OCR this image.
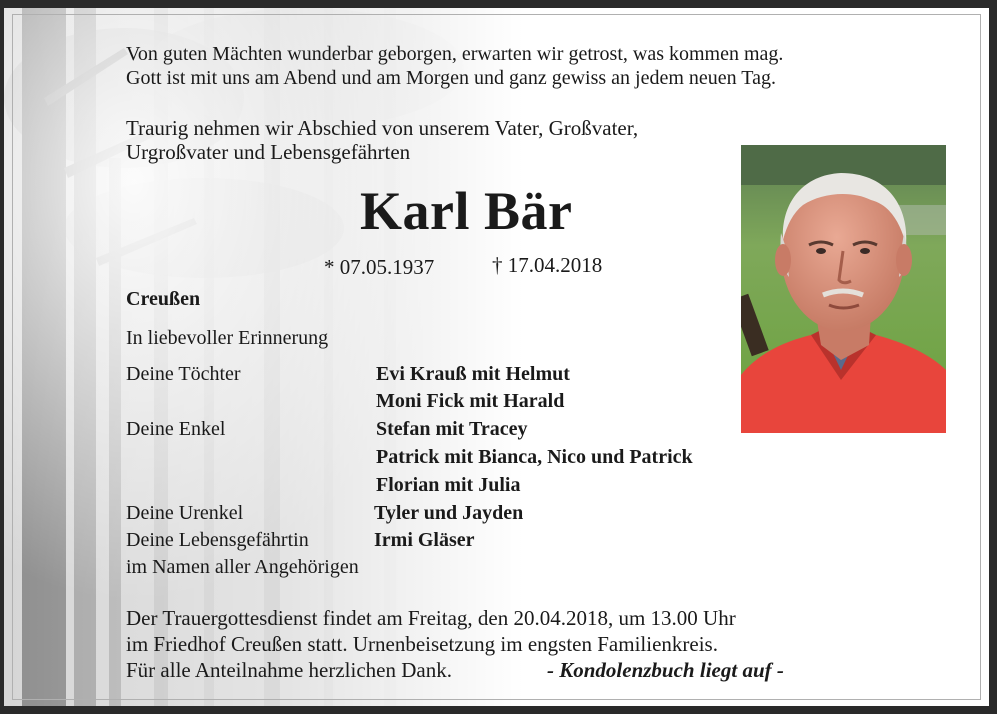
Von guten Mächten wunderbar geborgen, erwarten wir getrost, was kommen mag.
Gott ist mit uns am Abend und am Morgen und ganz gewiss an jedem neuen Tag.
Traurig nehmen wir Abschied von unserem Vater, Großvater,
Urgroßvater und Lebensgefährten
Karl Bär
* 07.05.1937	† 17.04.2018
Creußen
In liebevoller Erinnerung
Deine Töchter	Evi Krauß mit Helmut
Moni Fick mit Harald
Deine Enkel	Stefan mit Tracey
Patrick mit Bianca, Nico und Patrick
Florian mit Julia
Deine Urenkel	Tyler und Jayden
Deine Lebensgefährtin	Irmi Gläser
im Namen aller Angehörigen
Der Trauergottesdienst findet am Freitag, den 20.04.2018, um 13.00 Uhr
im Friedhof Creußen statt. Urnenbeisetzung im engsten Familienkreis.
Für alle Anteilnahme herzlichen Dank.	- Kondolenzbuch liegt auf -
